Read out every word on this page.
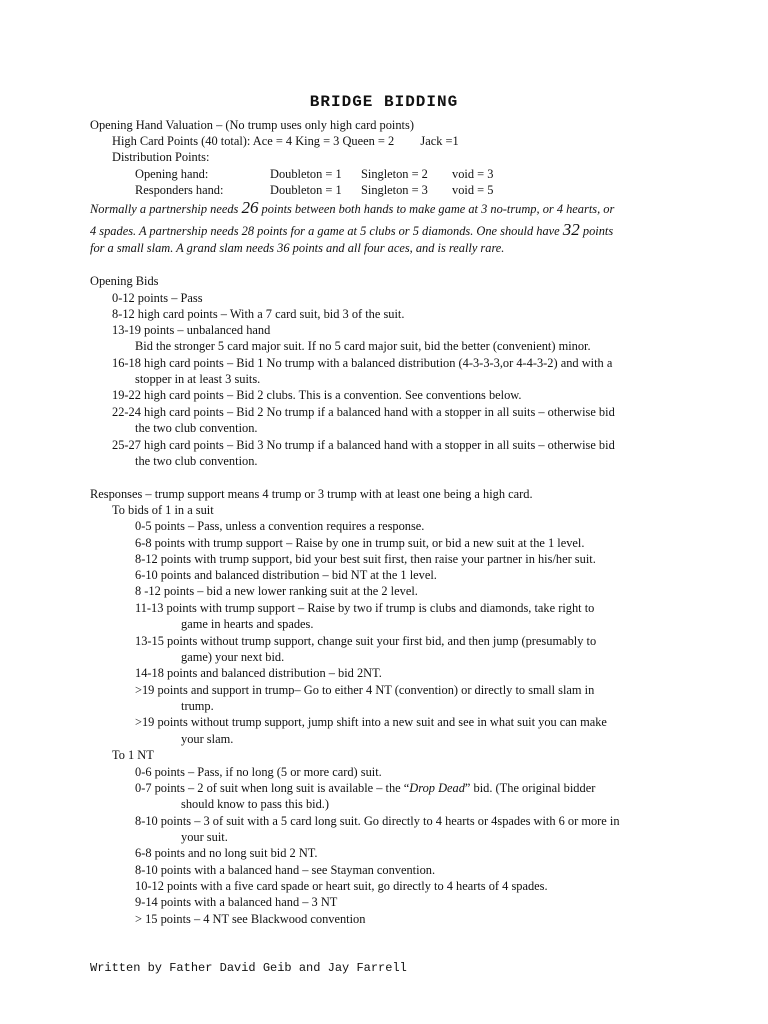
BRIDGE BIDDING
Opening Hand Valuation – (No trump uses only high card points)
High Card Points (40 total): Ace = 4 King = 3 Queen = 2 Jack =1
Distribution Points:
Opening hand:	Doubleton = 1 Singleton = 2 void = 3
Responders hand:	Doubleton = 1 Singleton = 3 void = 5
Normally a partnership needs 26 points between both hands to make game at 3 no-trump, or 4 hearts, or
4 spades. A partnership needs 28 points for a game at 5 clubs or 5 diamonds. One should have 32 points
for a small slam. A grand slam needs 36 points and all four aces, and is really rare.
Opening Bids
0-12 points – Pass
8-12 high card points – With a 7 card suit, bid 3 of the suit.
13-19 points – unbalanced hand
Bid the stronger 5 card major suit. If no 5 card major suit, bid the better (convenient) minor.
16-18 high card points – Bid 1 No trump with a balanced distribution (4-3-3-3,or 4-4-3-2) and with a
stopper in at least 3 suits.
19-22 high card points – Bid 2 clubs. This is a convention. See conventions below.
22-24 high card points – Bid 2 No trump if a balanced hand with a stopper in all suits – otherwise bid
the two club convention.
25-27 high card points – Bid 3 No trump if a balanced hand with a stopper in all suits – otherwise bid
the two club convention.
Responses – trump support means 4 trump or 3 trump with at least one being a high card.
To bids of 1 in a suit
0-5 points – Pass, unless a convention requires a response.
6-8 points with trump support – Raise by one in trump suit, or bid a new suit at the 1 level.
8-12 points with trump support, bid your best suit first, then raise your partner in his/her suit.
6-10 points and balanced distribution – bid NT at the 1 level.
8 -12 points – bid a new lower ranking suit at the 2 level.
11-13 points with trump support – Raise by two if trump is clubs and diamonds, take right to
game in hearts and spades.
13-15 points without trump support, change suit your first bid, and then jump (presumably to
game) your next bid.
14-18 points and balanced distribution – bid 2NT.
>19 points and support in trump– Go to either 4 NT (convention) or directly to small slam in
trump.
>19 points without trump support, jump shift into a new suit and see in what suit you can make
your slam.
To 1 NT
0-6 points – Pass, if no long (5 or more card) suit.
0-7 points – 2 of suit when long suit is available – the “Drop Dead” bid. (The original bidder
should know to pass this bid.)
8-10 points – 3 of suit with a 5 card long suit. Go directly to 4 hearts or 4spades with 6 or more in
your suit.
6-8 points and no long suit bid 2 NT.
8-10 points with a balanced hand – see Stayman convention.
10-12 points with a five card spade or heart suit, go directly to 4 hearts of 4 spades.
9-14 points with a balanced hand – 3 NT
> 15 points – 4 NT see Blackwood convention
Written by Father David Geib and Jay Farrell
